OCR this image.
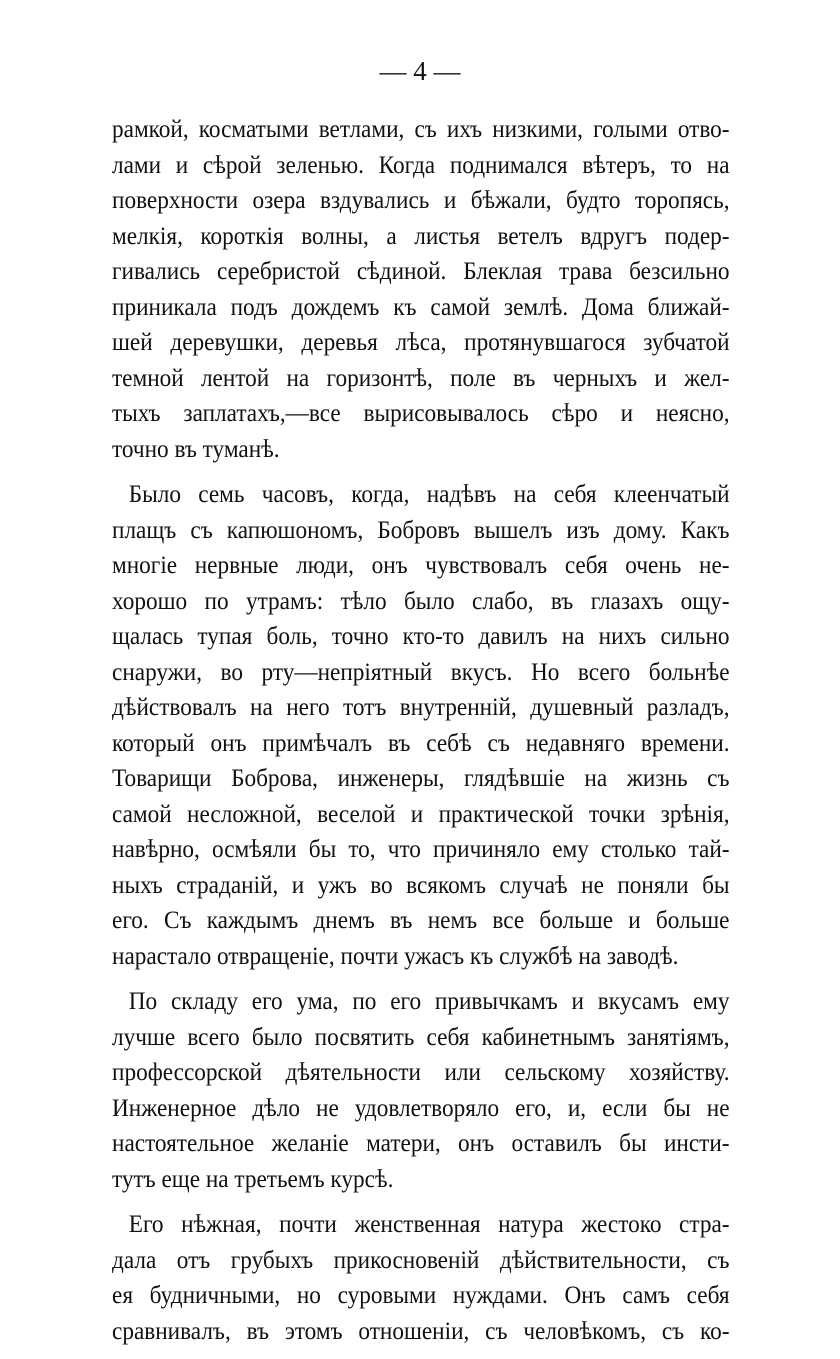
— 4 —
рамкой, косматыми ветлами, съ ихъ низкими, голыми отво-
лами и сѣрой зеленью. Когда поднимался вѣтеръ, то на
поверхности озера вздувались и бѣжали, будто торопясь,
мелкія, короткія волны, а листья ветелъ вдругъ подер-
гивались серебристой сѣдиной. Блеклая трава безсильно
приникала подъ дождемъ къ самой землѣ. Дома ближай-
шей деревушки, деревья лѣса, протянувшагося зубчатой
темной лентой на горизонтѣ, поле въ черныхъ и жел-
тыхъ заплатахъ,—все вырисовывалось сѣро и неясно,
точно въ туманѣ.
Было семь часовъ, когда, надѣвъ на себя клеенчатый
плащъ съ капюшономъ, Бобровъ вышелъ изъ дому. Какъ
многіе нервные люди, онъ чувствовалъ себя очень не-
хорошо по утрамъ: тѣло было слабо, въ глазахъ ощу-
щалась тупая боль, точно кто-то давилъ на нихъ сильно
снаружи, во рту—непріятный вкусъ. Но всего больнѣе
дѣйствовалъ на него тотъ внутренній, душевный разладъ,
который онъ примѣчалъ въ себѣ съ недавняго времени.
Товарищи Боброва, инженеры, глядѣвшіе на жизнь съ
самой несложной, веселой и практической точки зрѣнія,
навѣрно, осмѣяли бы то, что причиняло ему столько тай-
ныхъ страданій, и ужъ во всякомъ случаѣ не поняли бы
его. Съ каждымъ днемъ въ немъ все больше и больше
нарастало отвращеніе, почти ужасъ къ службѣ на заводѣ.
По складу его ума, по его привычкамъ и вкусамъ ему
лучше всего было посвятить себя кабинетнымъ занятіямъ,
профессорской дѣятельности или сельскому хозяйству.
Инженерное дѣло не удовлетворяло его, и, если бы не
настоятельное желаніе матери, онъ оставилъ бы инсти-
тутъ еще на третьемъ курсѣ.
Его нѣжная, почти женственная натура жестоко стра-
дала отъ грубыхъ прикосновеній дѣйствительности, съ
ея будничными, но суровыми нуждами. Онъ самъ себя
сравнивалъ, въ этомъ отношеніи, съ человѣкомъ, съ ко-
